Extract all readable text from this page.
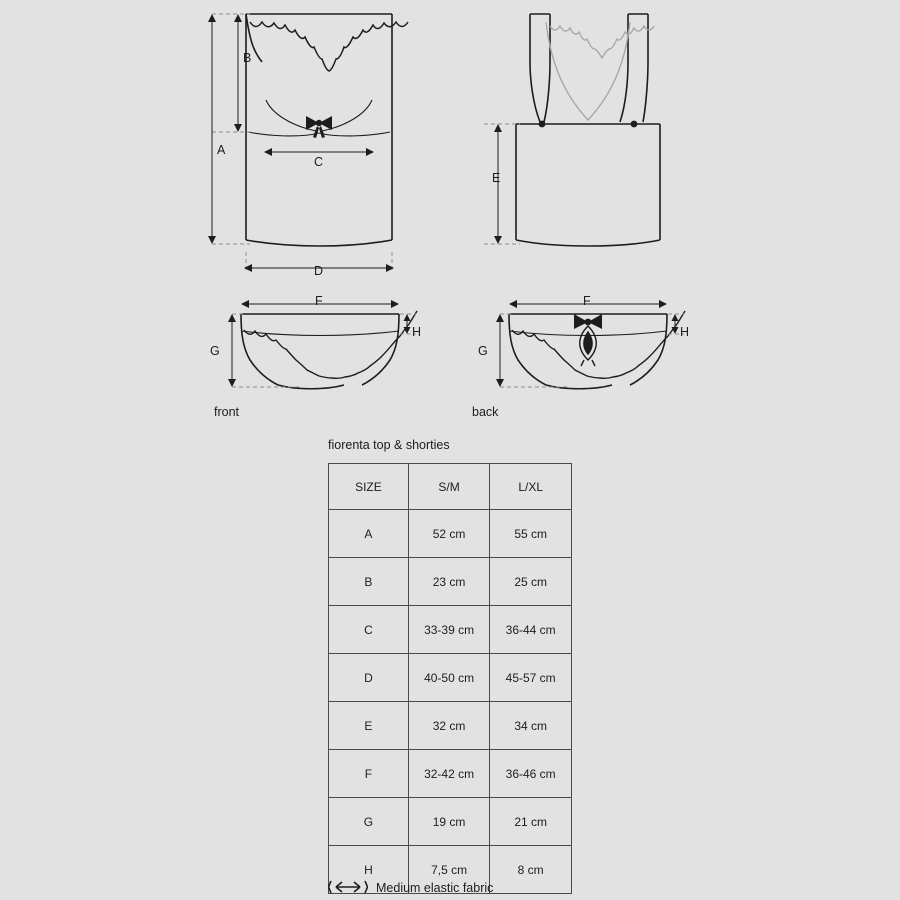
B
A
C
D
E
F
G
H
F
G
H
front	back
fiorenta top & shorties
SIZE	S/M	L/XL
A	52 cm	55 cm
B	23 cm	25 cm
C	33-39 cm	36-44 cm
D	40-50 cm	45-57 cm
E	32 cm	34 cm
F	32-42 cm	36-46 cm
G	19 cm	21 cm
H	7,5 cm	8 cm
Medium elastic fabric
